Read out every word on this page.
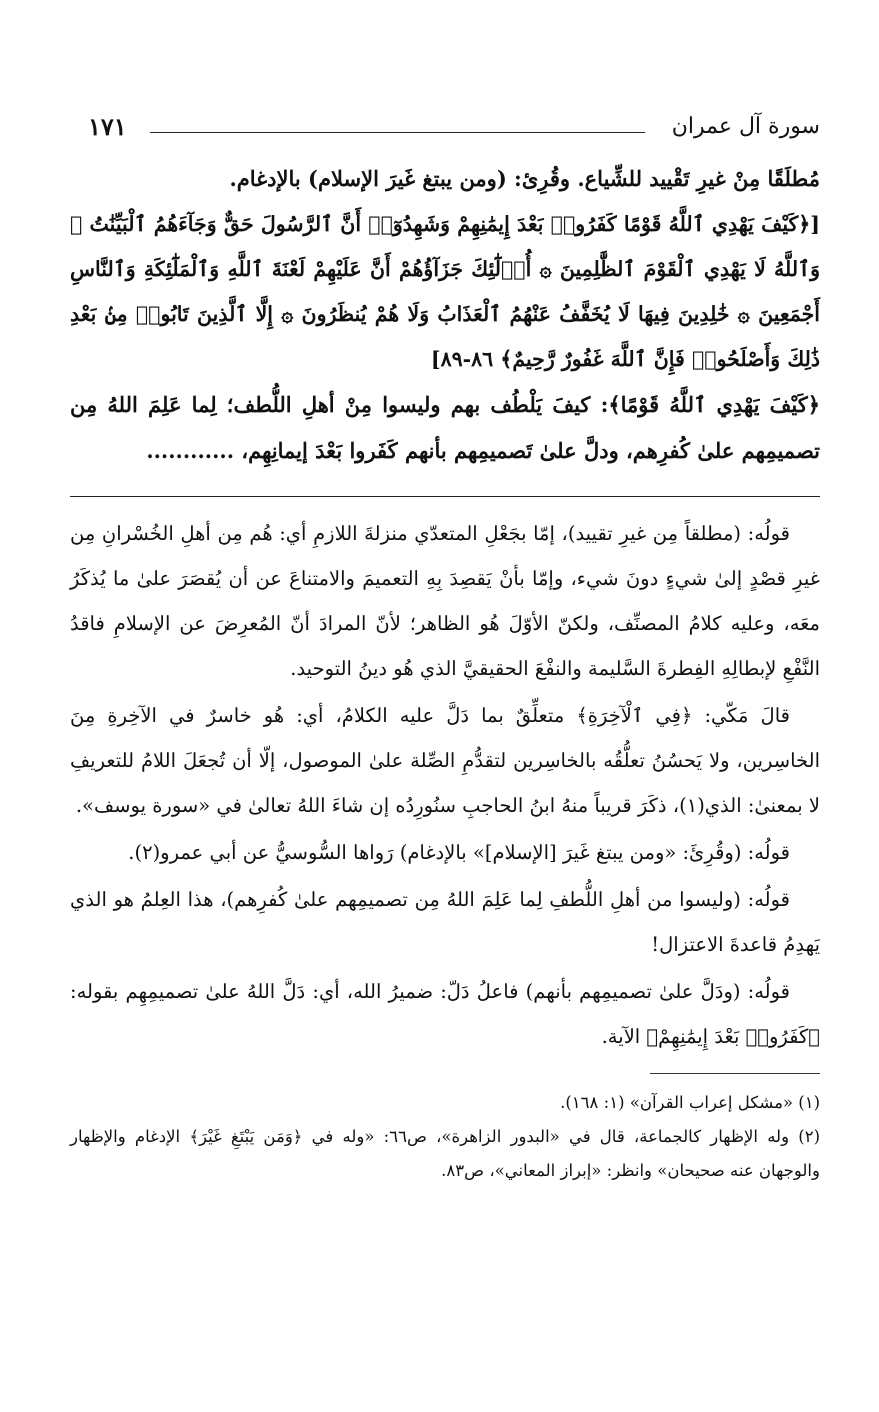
سورة آل عمران
١٧١

مُطلَقًا مِنْ غيرِ تَقْييد للشِّياع. وقُرِئ: (ومن يبتغ غَيرَ الإسلام) بالإدغام.

[﴿كَيْفَ يَهْدِي ٱللَّهُ قَوْمًا كَفَرُوا۟ بَعْدَ إِيمَٰنِهِمْ وَشَهِدُوٓا۟ أَنَّ ٱلرَّسُولَ حَقٌّ وَجَآءَهُمُ ٱلْبَيِّنَٰتُ ۚ وَٱللَّهُ لَا يَهْدِي ٱلْقَوْمَ ٱلظَّٰلِمِينَ ۞ أُو۟لَٰٓئِكَ جَزَآؤُهُمْ أَنَّ عَلَيْهِمْ لَعْنَةَ ٱللَّهِ وَٱلْمَلَٰٓئِكَةِ وَٱلنَّاسِ أَجْمَعِينَ ۞ خَٰلِدِينَ فِيهَا لَا يُخَفَّفُ عَنْهُمُ ٱلْعَذَابُ وَلَا هُمْ يُنظَرُونَ ۞ إِلَّا ٱلَّذِينَ تَابُوا۟ مِنۢ بَعْدِ ذَٰلِكَ وَأَصْلَحُوا۟ فَإِنَّ ٱللَّهَ غَفُورٌ رَّحِيمٌ﴾ ٨٦-٨٩]

﴿كَيْفَ يَهْدِي ٱللَّهُ قَوْمًا﴾: كيفَ يَلْطُف بهم وليسوا مِنْ أهلِ اللُّطف؛ لِما عَلِمَ اللهُ مِن تصميمِهم علىٰ كُفرِهم، ودلَّ علىٰ تَصميمِهم بأنهم كَفَروا بَعْدَ إيمانِهِم، ............

قولُه: (مطلقاً مِن غيرِ تقييد)، إمّا بجَعْلِ المتعدّي منزلةَ اللازمِ أي: هُم مِن أهلِ الخُسْرانِ مِن غيرِ قصْدٍ إلىٰ شيءٍ دونَ شيء، وإمّا بأنْ يَقصِدَ بِهِ التعميمَ والامتناعَ عن أن يُقصَرَ علىٰ ما يُذكَرُ معَه، وعليه كلامُ المصنِّف، ولكنّ الأوّلَ هُو الظاهر؛ لأنّ المرادَ أنّ المُعرِضَ عن الإسلامِ فاقدُ النَّفْعِ لإبطالِهِ الفِطرةَ السَّليمة والنفْعَ الحقيقيَّ الذي هُو دينُ التوحيد.

قالَ مَكّي: ﴿فِي ٱلْآخِرَةِ﴾ متعلِّقٌ بما دَلَّ عليه الكلامُ، أي: هُو خاسرٌ في الآخِرةِ مِنَ الخاسِرين، ولا يَحسُنُ تعلُّقُه بالخاسِرين لتقدُّمِ الصِّلة علىٰ الموصول، إلّا أن تُجعَلَ اللامُ للتعريفِ لا بمعنىٰ: الذي(١)، ذكَرَ قريباً منهُ ابنُ الحاجبِ سنُورِدُه إن شاءَ اللهُ تعالىٰ في «سورة يوسف».

قولُه: (وقُرِئَ: «ومن يبتغ غَيرَ [الإسلام]» بالإدغام) رَواها السُّوسيُّ عن أبي عمرو(٢).

قولُه: (وليسوا من أهلِ اللُّطفِ لِما عَلِمَ اللهُ مِن تصميمِهم علىٰ كُفرِهم)، هذا العِلمُ هو الذي يَهدِمُ قاعدةَ الاعتزال!

قولُه: (ودَلَّ علىٰ تصميمِهم بأنهم) فاعلُ دَلّ: ضميرُ الله، أي: دَلَّ اللهُ علىٰ تصميمِهِم بقوله: ﴿كَفَرُوا۟ بَعْدَ إِيمَٰنِهِمْ﴾ الآية.

(١) «مشكل إعراب القرآن» (١: ١٦٨).

(٢) وله الإظهار كالجماعة، قال في «البدور الزاهرة»، ص٦٦: «وله في ﴿وَمَن يَبْتَغِ غَيْرَ﴾ الإدغام والإظهار والوجهان عنه صحيحان» وانظر: «إبراز المعاني»، ص٨٣.
